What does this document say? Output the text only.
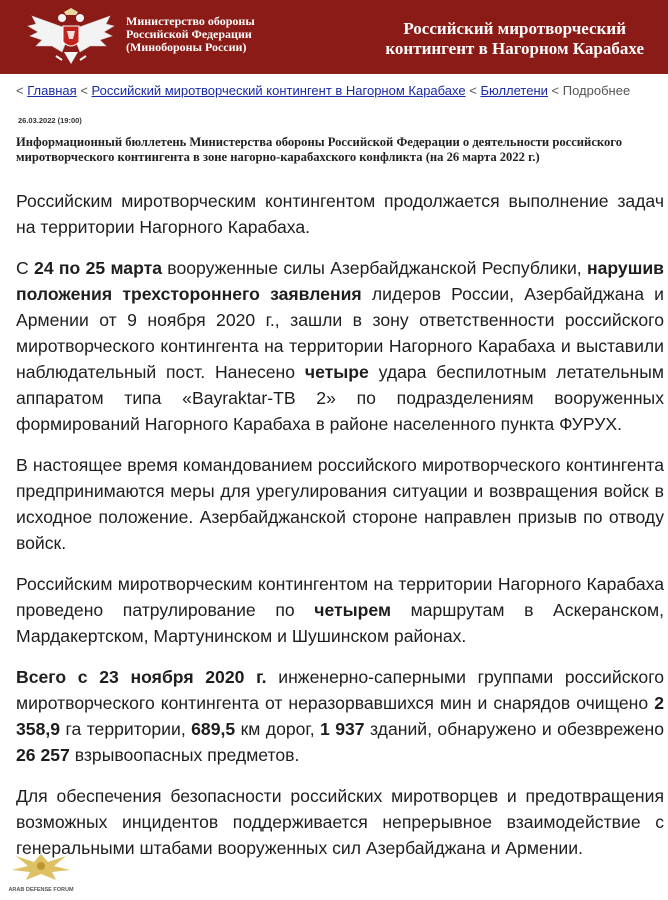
Министерство обороны
Российской Федерации
(Минобороны России)
Российский миротворческий
контингент в Нагорном Карабахе
< Главная < Российский миротворческий контингент в Нагорном Карабахе < Бюллетени < Подробнее
26.03.2022 (19:00)
Информационный бюллетень Министерства обороны Российской Федерации о деятельности российского миротворческого контингента в зоне нагорно-карабахского конфликта (на 26 марта 2022 г.)

Российским миротворческим контингентом продолжается выполнение задач на территории Нагорного Карабаха.

С 24 по 25 марта вооруженные силы Азербайджанской Республики, нарушив положения трехстороннего заявления лидеров России, Азербайджана и Армении от 9 ноября 2020 г., зашли в зону ответственности российского миротворческого контингента на территории Нагорного Карабаха и выставили наблюдательный пост. Нанесено четыре удара беспилотным летательным аппаратом типа «Bayraktar-ТВ 2» по подразделениям вооруженных формирований Нагорного Карабаха в районе населенного пункта ФУРУХ.

В настоящее время командованием российского миротворческого контингента предпринимаются меры для урегулирования ситуации и возвращения войск в исходное положение. Азербайджанской стороне направлен призыв по отводу войск.

Российским миротворческим контингентом на территории Нагорного Карабаха проведено патрулирование по четырем маршрутам в Аскеранском, Мардакертском, Мартунинском и Шушинском районах.

Всего с 23 ноября 2020 г. инженерно-саперными группами российского миротворческого контингента от неразорвавшихся мин и снарядов очищено 2 358,9 га территории, 689,5 км дорог, 1 937 зданий, обнаружено и обезврежено 26 257 взрывоопасных предметов.

Для обеспечения безопасности российских миротворцев и предотвращения возможных инцидентов поддерживается непрерывное взаимодействие с генеральными штабами вооруженных сил Азербайджана и Армении.

ARAB DEFENSE FORUM
